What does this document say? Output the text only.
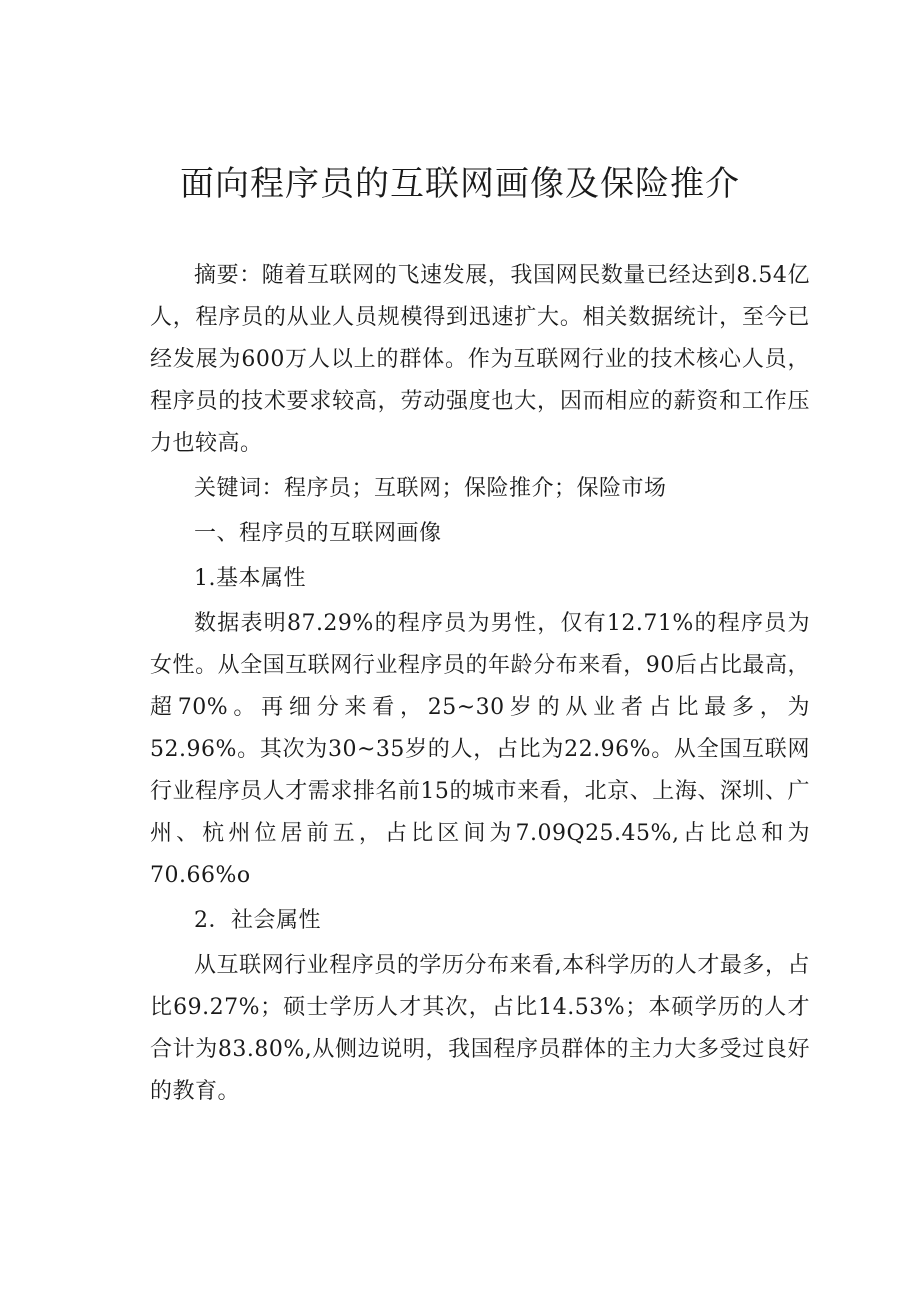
面向程序员的互联网画像及保险推介

摘要：随着互联网的飞速发展，我国网民数量已经达到8.54亿人，程序员的从业人员规模得到迅速扩大。相关数据统计，至今已经发展为600万人以上的群体。作为互联网行业的技术核心人员，程序员的技术要求较高，劳动强度也大，因而相应的薪资和工作压力也较高。

关键词：程序员；互联网；保险推介；保险市场

一、程序员的互联网画像

1.基本属性

数据表明87.29%的程序员为男性，仅有12.71%的程序员为女性。从全国互联网行业程序员的年龄分布来看，90后占比最高，超70%。再细分来看，25~30岁的从业者占比最多，为52.96%。其次为30~35岁的人，占比为22.96%。从全国互联网行业程序员人才需求排名前15的城市来看，北京、上海、深圳、广州、杭州位居前五，占比区间为7.09Q25.45%,占比总和为70.66%o

2．社会属性

从互联网行业程序员的学历分布来看,本科学历的人才最多，占比69.27%；硕士学历人才其次，占比14.53%；本硕学历的人才合计为83.80%,从侧边说明，我国程序员群体的主力大多受过良好的教育。
